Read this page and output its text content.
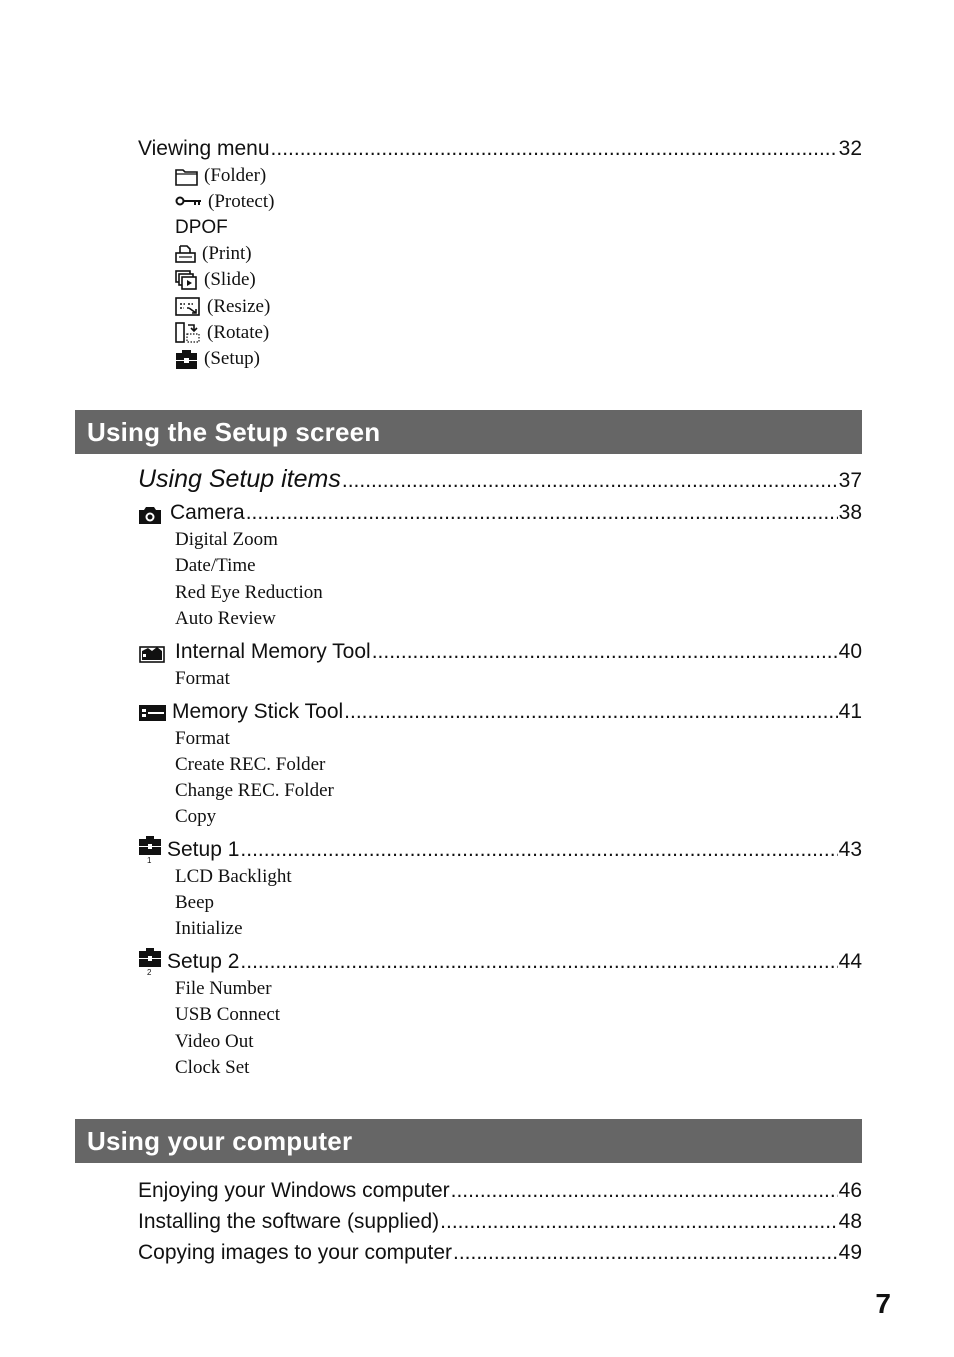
Viewing menu .....	32
(Folder)
(Protect)
DPOF
(Print)
(Slide)
(Resize)
(Rotate)
(Setup)
Using the Setup screen
Using Setup items .....	37
Camera .....	38
Digital Zoom
Date/Time
Red Eye Reduction
Auto Review
Internal Memory Tool .....	40
Format
Memory Stick Tool .....	41
Format
Create REC. Folder
Change REC. Folder
Copy
1 Setup 1 .....	43
LCD Backlight
Beep
Initialize
2 Setup 2 .....	44
File Number
USB Connect
Video Out
Clock Set
Using your computer
Enjoying your Windows computer .....	46
Installing the software (supplied) .....	48
Copying images to your computer .....	49
7
